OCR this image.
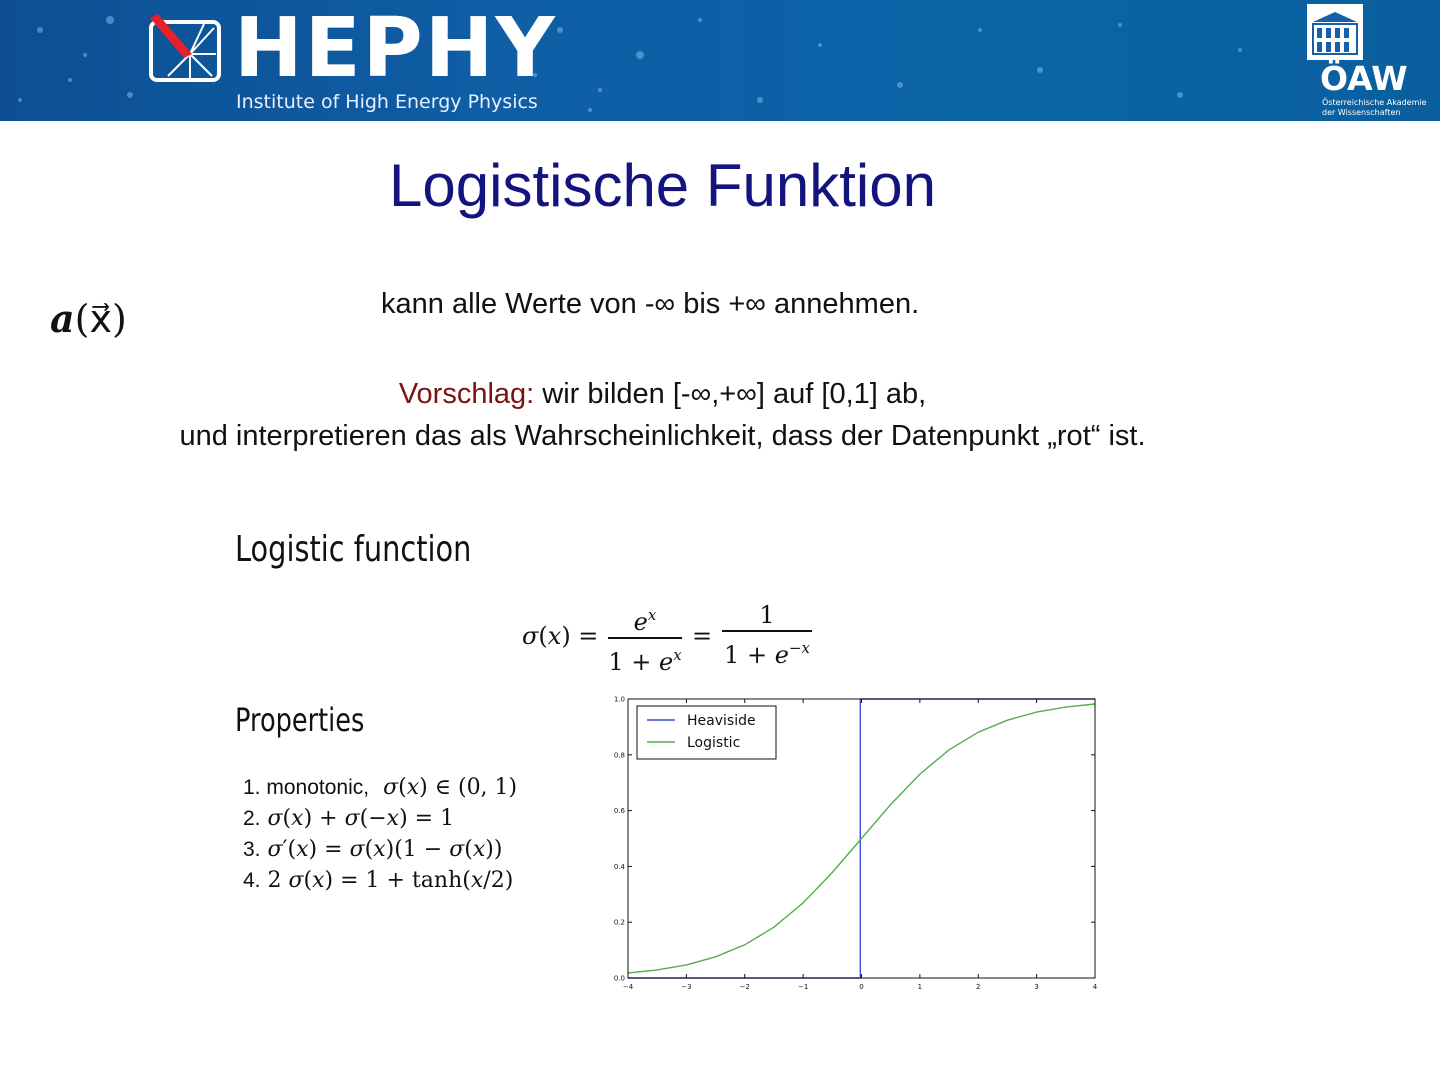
HEPHY
Institute of High Energy Physics
ÖAW
Österreichische Akademie
der Wissenschaften
Logistische Funktion
a(x⃗)	kann alle Werte von -∞ bis +∞ annehmen.
Vorschlag: wir bilden [-∞,+∞] auf [0,1] ab,
und interpretieren das als Wahrscheinlichkeit, dass der Datenpunkt „rot“ ist.
Logistic function
σ(x) =	$e^x$
$1 + e^x$
=
1
$1 + e^{-x}$
Properties
1. monotonic, σ(x) ∈ (0, 1)
2. σ(x) + σ(−x) = 1
3. σ′(x) = σ(x)(1 − σ(x))
4. 2 σ(x) = 1 + tanh(x/2)
−4	−3	−2	−1	0	1	2	3	4
0.0
0.2
0.4
0.6
0.8
1.0
Heaviside
Logistic
